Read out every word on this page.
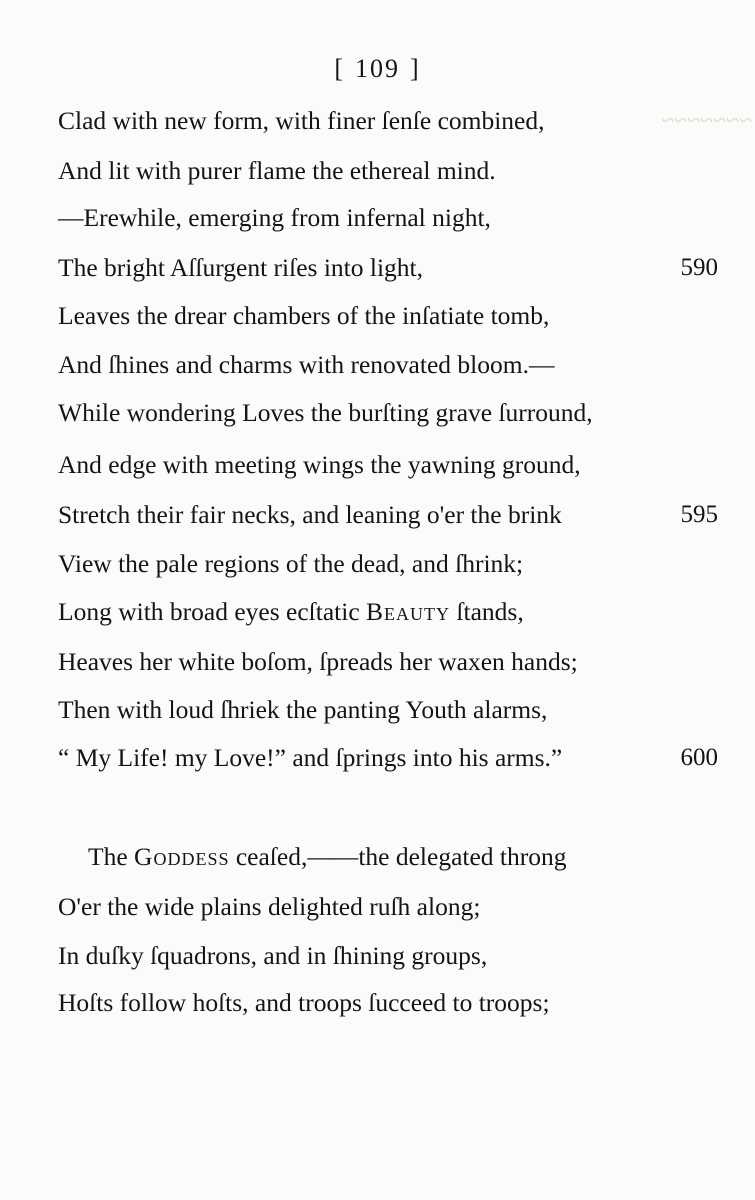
~~~~~~~
[ 109 ]
Clad with new form, with finer ſenſe combined,
And lit with purer flame the ethereal mind.
—Erewhile, emerging from infernal night,
The bright Aſſurgent riſes into light,	590
Leaves the drear chambers of the inſatiate tomb,
And ſhines and charms with renovated bloom.—
While wondering Loves the burſting grave ſurround,
And edge with meeting wings the yawning ground,
Stretch their fair necks, and leaning o'er the brink	595
View the pale regions of the dead, and ſhrink;
Long with broad eyes ecſtatic Beauty ſtands,
Heaves her white boſom, ſpreads her waxen hands;
Then with loud ſhriek the panting Youth alarms,
“ My Life! my Love!” and ſprings into his arms.”	600
The Goddess ceaſed,——the delegated throng
O'er the wide plains delighted ruſh along;
In duſky ſquadrons, and in ſhining groups,
Hoſts follow hoſts, and troops ſucceed to troops;
